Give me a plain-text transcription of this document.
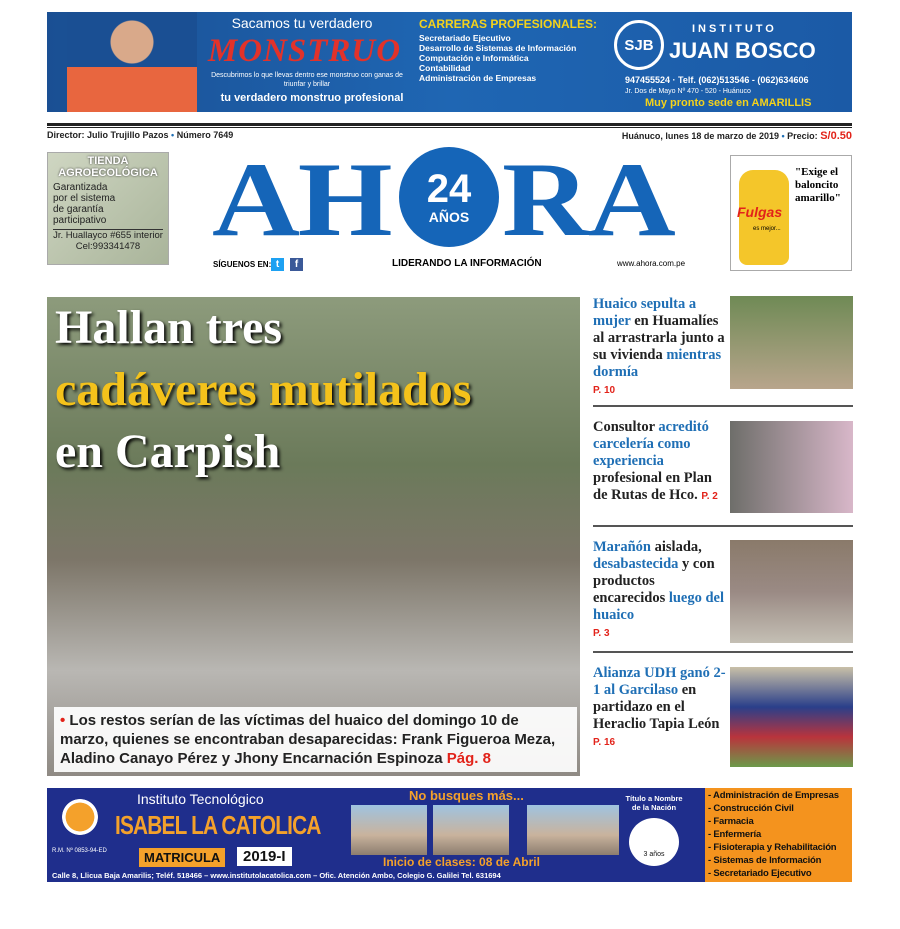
Sacamos tu verdadero
MONSTRUO
Descubrimos lo que llevas dentro ese monstruo con ganas de triunfar y brillar
tu verdadero monstruo profesional
CARRERAS PROFESIONALES:
Secretariado Ejecutivo
Desarrollo de Sistemas de Información
Computación e Informática
Contabilidad
Administración de Empresas
SJB
INSTITUTO
JUAN BOSCO
947455524 · Telf. (062)513546 - (062)634606
Jr. Dos de Mayo Nº 470 - 520 - Huánuco
Muy pronto sede en AMARILLIS
Director: Julio Trujillo Pazos • Número 7649	Huánuco, lunes 18 de marzo de 2019 • Precio: S/0.50
TIENDA AGROECOLÓGICA
Garantizada por el sistema de garantía participativo
Jr. Huallayco #655 interior
Cel:993341478 AH RA
24
AÑOS
SÍGUENOS EN: t	f	LIDERANDO LA INFORMACIÓN	www.ahora.com.pe
Fulgas
es mejor...
"Exige el baloncito amarillo"
Hallan tres
cadáveres mutilados
en Carpish
• Los restos serían de las víctimas del huaico del domingo 10 de marzo, quienes se encontraban desaparecidas: Frank Figueroa Meza, Aladino Canayo Pérez y Jhony Encarnación Espinoza Pág. 8
Huaico sepulta a mujer en Huamalíes al arrastrarla junto a su vivienda mientras dormía
P. 10
Consultor acreditó carcelería como experiencia profesional en Plan de Rutas de Hco. P. 2
Marañón aislada, desabastecida y con productos encarecidos luego del huaico
P. 3
Alianza UDH ganó 2-1 al Garcilaso en partidazo en el Heraclio Tapia León P. 16
R.M. Nº 0853-94-ED
Instituto Tecnológico
ISABEL LA CATOLICA
MATRICULA	2019-I
No busques más...
Inicio de clases: 08 de Abril
Título a Nombre de la Nación
3 años
Calle 8, Llicua Baja Amarilis; Teléf. 518466 – www.institutolacatolica.com – Ofic. Atención Ambo, Colegio G. Galilei Tel. 631694
- Administración de Empresas
- Construcción Civil
- Farmacia
- Enfermería
- Fisioterapia y Rehabilitación
- Sistemas de Información
- Secretariado Ejecutivo
